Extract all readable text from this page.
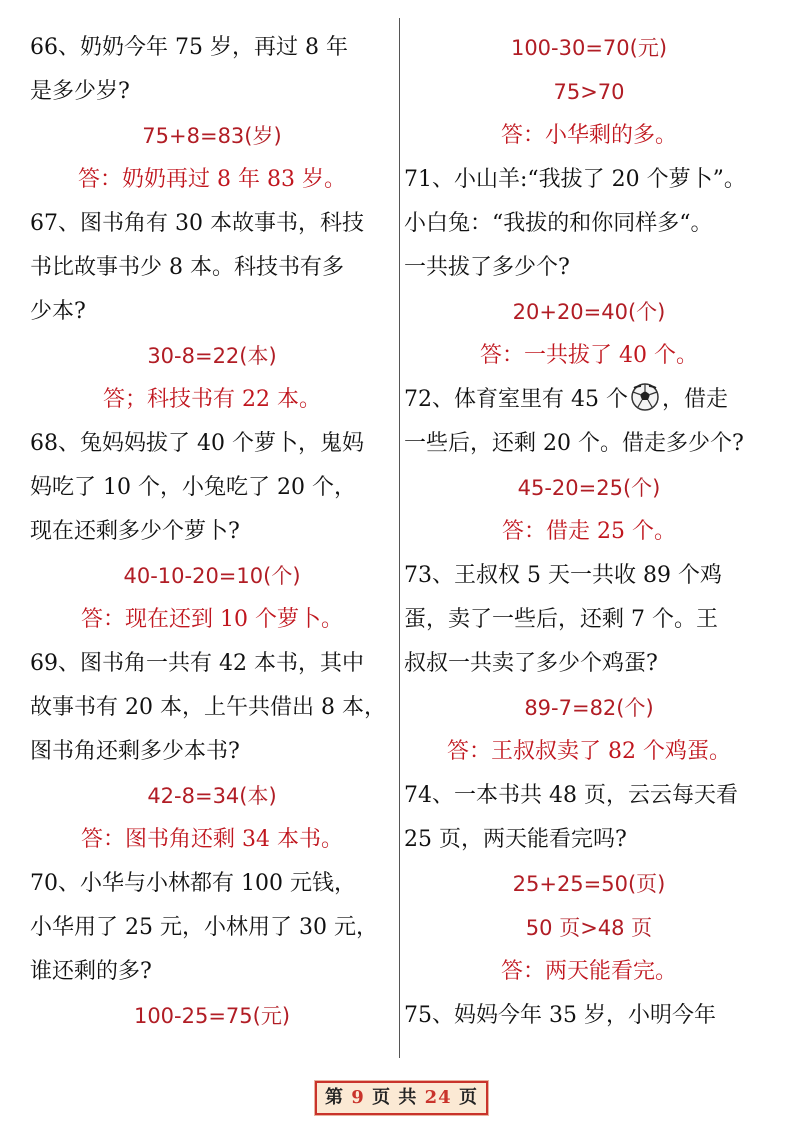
66、奶奶今年 75 岁，再过 8 年
是多少岁?
75+8=83(岁)
答：奶奶再过 8 年 83 岁。
67、图书角有 30 本故事书，科技
书比故事书少 8 本。科技书有多
少本?
30-8=22(本)
答；科技书有 22 本。
68、兔妈妈拔了 40 个萝卜，鬼妈
妈吃了 10 个，小兔吃了 20 个，
现在还剩多少个萝卜?
40-10-20=10(个)
答：现在还到 10 个萝卜。
69、图书角一共有 42 本书，其中
故事书有 20 本，上午共借出 8 本，
图书角还剩多少本书?
42-8=34(本)
答：图书角还剩 34 本书。
70、小华与小林都有 100 元钱，
小华用了 25 元，小林用了 30 元，
谁还剩的多?
100-25=75(元)
100-30=70(元)
75>70
答：小华剩的多。
71、小山羊:“我拔了 20 个萝卜”。
小白兔：“我拔的和你同样多“。
一共拔了多少个?
20+20=40(个)
答：一共拔了 40 个。
72、体育室里有 45 个 ，借走
一些后，还剩 20 个。借走多少个?
45-20=25(个)
答：借走 25 个。
73、王叔权 5 天一共收 89 个鸡
蛋，卖了一些后，还剩 7 个。王
叔叔一共卖了多少个鸡蛋?
89-7=82(个)
答：王叔叔卖了 82 个鸡蛋。
74、一本书共 48 页，云云每天看
25 页，两天能看完吗?
25+25=50(页)
50 页>48 页
答：两天能看完。
75、妈妈今年 35 岁，小明今年
第 9 页 共 24 页
